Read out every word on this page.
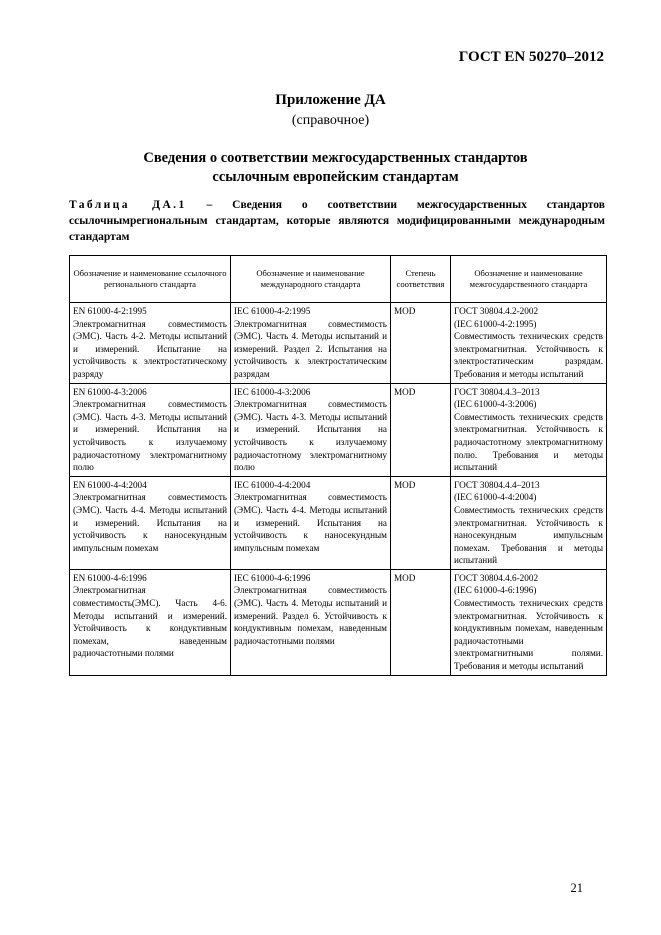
ГОСТ EN 50270–2012
Приложение ДА
(справочное)
Сведения о соответствии межгосударственных стандартов
ссылочным европейским стандартам
Таблица ДА.1 – Сведения о соответствии межгосударственных стандартов ссылочнымрегиональным стандартам, которые являются модифицированными международным стандартам
Обозначение и наименование ссылочного регионального стандарта	Обозначение и наименование международного стандарта	Степень соответствия	Обозначение и наименование межгосударственного стандарта

EN 61000-4-2:1995
Электромагнитная совместимость (ЭМС). Часть 4-2. Методы испытаний и измерений. Испытание на устойчивость к электростатическому разряду	IEC 61000-4-2:1995
Электромагнитная совместимость (ЭМС). Часть 4. Методы испытаний и измерений. Раздел 2. Испытания на устойчивость к электростатическим разрядам	MOD	ГОСТ 30804.4.2-2002
(IEC 61000-4-2:1995)
Совместимость технических средств электромагнитная. Устойчивость к электростатическим разрядам. Требования и методы испытаний

EN 61000-4-3:2006
Электромагнитная совместимость (ЭМС). Часть 4-3. Методы испытаний и измерений. Испытания на устойчивость к излучаемому радиочастотному электромагнитному полю	IEC 61000-4-3:2006
Электромагнитная совместимость (ЭМС). Часть 4-3. Методы испытаний и измерений. Испытания на устойчивость к излучаемому радиочастотному электромагнитному полю	MOD	ГОСТ 30804.4.3–2013
(IEC 61000-4-3:2006)
Совместимость технических средств электромагнитная. Устойчивость к радиочастотному электромагнитному полю. Требования и методы испытаний

EN 61000-4-4:2004
Электромагнитная совместимость (ЭМС). Часть 4-4. Методы испытаний и измерений. Испытания на устойчивость к наносекундным импульсным помехам	IEC 61000-4-4:2004
Электромагнитная совместимость (ЭМС). Часть 4-4. Методы испытаний и измерений. Испытания на устойчивость к наносекундным импульсным помехам	MOD	ГОСТ 30804.4.4–2013
(IEC 61000-4-4:2004)
Совместимость технических средств электромагнитная. Устойчивость к наносекундным импульсным помехам. Требования и методы испытаний

EN 61000-4-6:1996
Электромагнитная совместимость(ЭМС). Часть 4-6. Методы испытаний и измерений. Устойчивость к кондуктивным помехам, наведенным радиочастотными полями	IEC 61000-4-6:1996
Электромагнитная совместимость (ЭМС). Часть 4. Методы испытаний и измерений. Раздел 6. Устойчивость к кондуктивным помехам, наведенным радиочастотными полями	MOD	ГОСТ 30804.4.6-2002
(IEC 61000-4-6:1996)
Совместимость технических средств электромагнитная. Устойчивость к кондуктивным помехам, наведенным радиочастотными электромагнитными полями. Требования и методы испытаний
21
